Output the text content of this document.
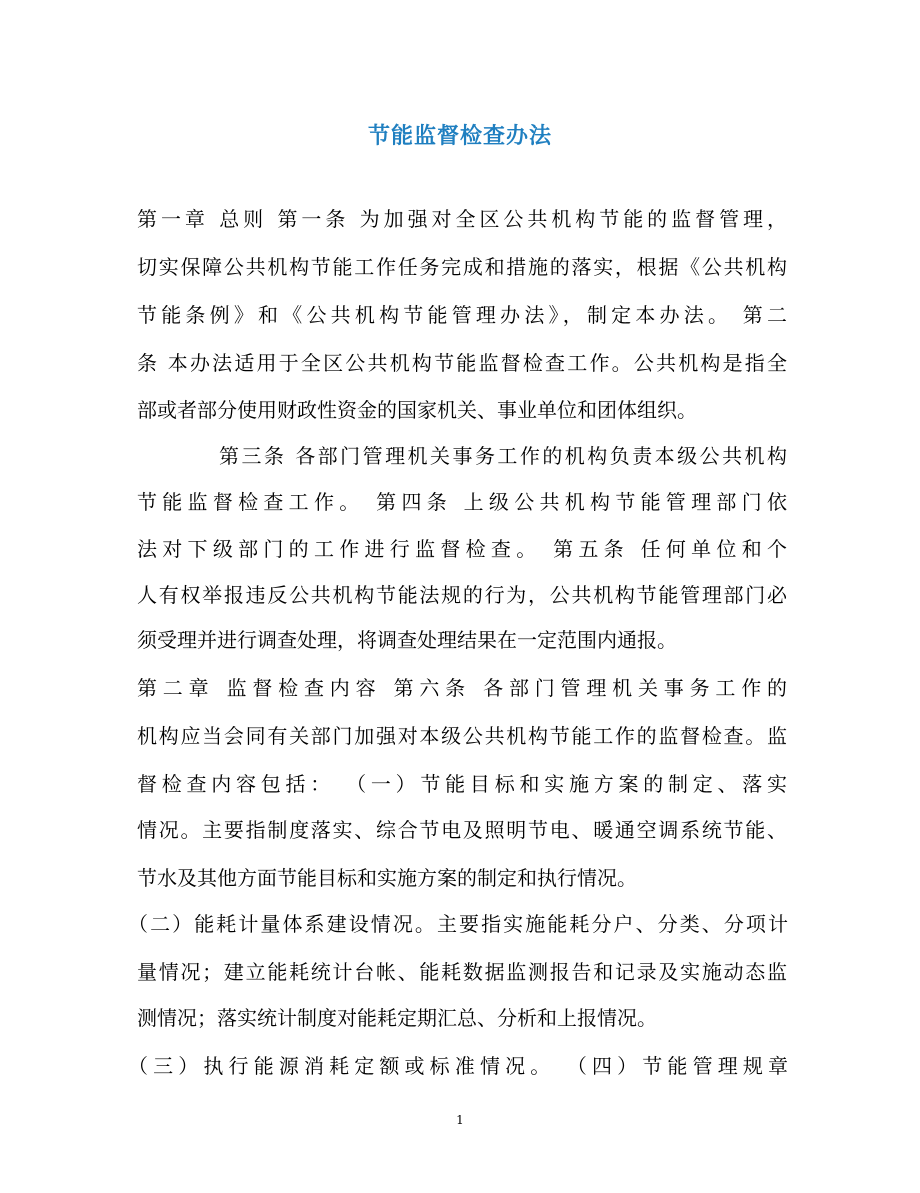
节能监督检查办法
第一章 总则 第一条 为加强对全区公共机构节能的监督管理，
切实保障公共机构节能工作任务完成和措施的落实，根据《公共机构
节能条例》和《公共机构节能管理办法》，制定本办法。 第二
条 本办法适用于全区公共机构节能监督检查工作。公共机构是指全
部或者部分使用财政性资金的国家机关、事业单位和团体组织。
第三条 各部门管理机关事务工作的机构负责本级公共机构
节能监督检查工作。 第四条 上级公共机构节能管理部门依
法对下级部门的工作进行监督检查。 第五条 任何单位和个
人有权举报违反公共机构节能法规的行为，公共机构节能管理部门必
须受理并进行调查处理，将调查处理结果在一定范围内通报。
第二章 监督检查内容 第六条 各部门管理机关事务工作的
机构应当会同有关部门加强对本级公共机构节能工作的监督检查。监
督检查内容包括： （一）节能目标和实施方案的制定、落实
情况。主要指制度落实、综合节电及照明节电、暖通空调系统节能、
节水及其他方面节能目标和实施方案的制定和执行情况。
（二）能耗计量体系建设情况。主要指实施能耗分户、分类、分项计
量情况；建立能耗统计台帐、能耗数据监测报告和记录及实施动态监
测情况；落实统计制度对能耗定期汇总、分析和上报情况。
（三）执行能源消耗定额或标准情况。 （四）节能管理规章
1
